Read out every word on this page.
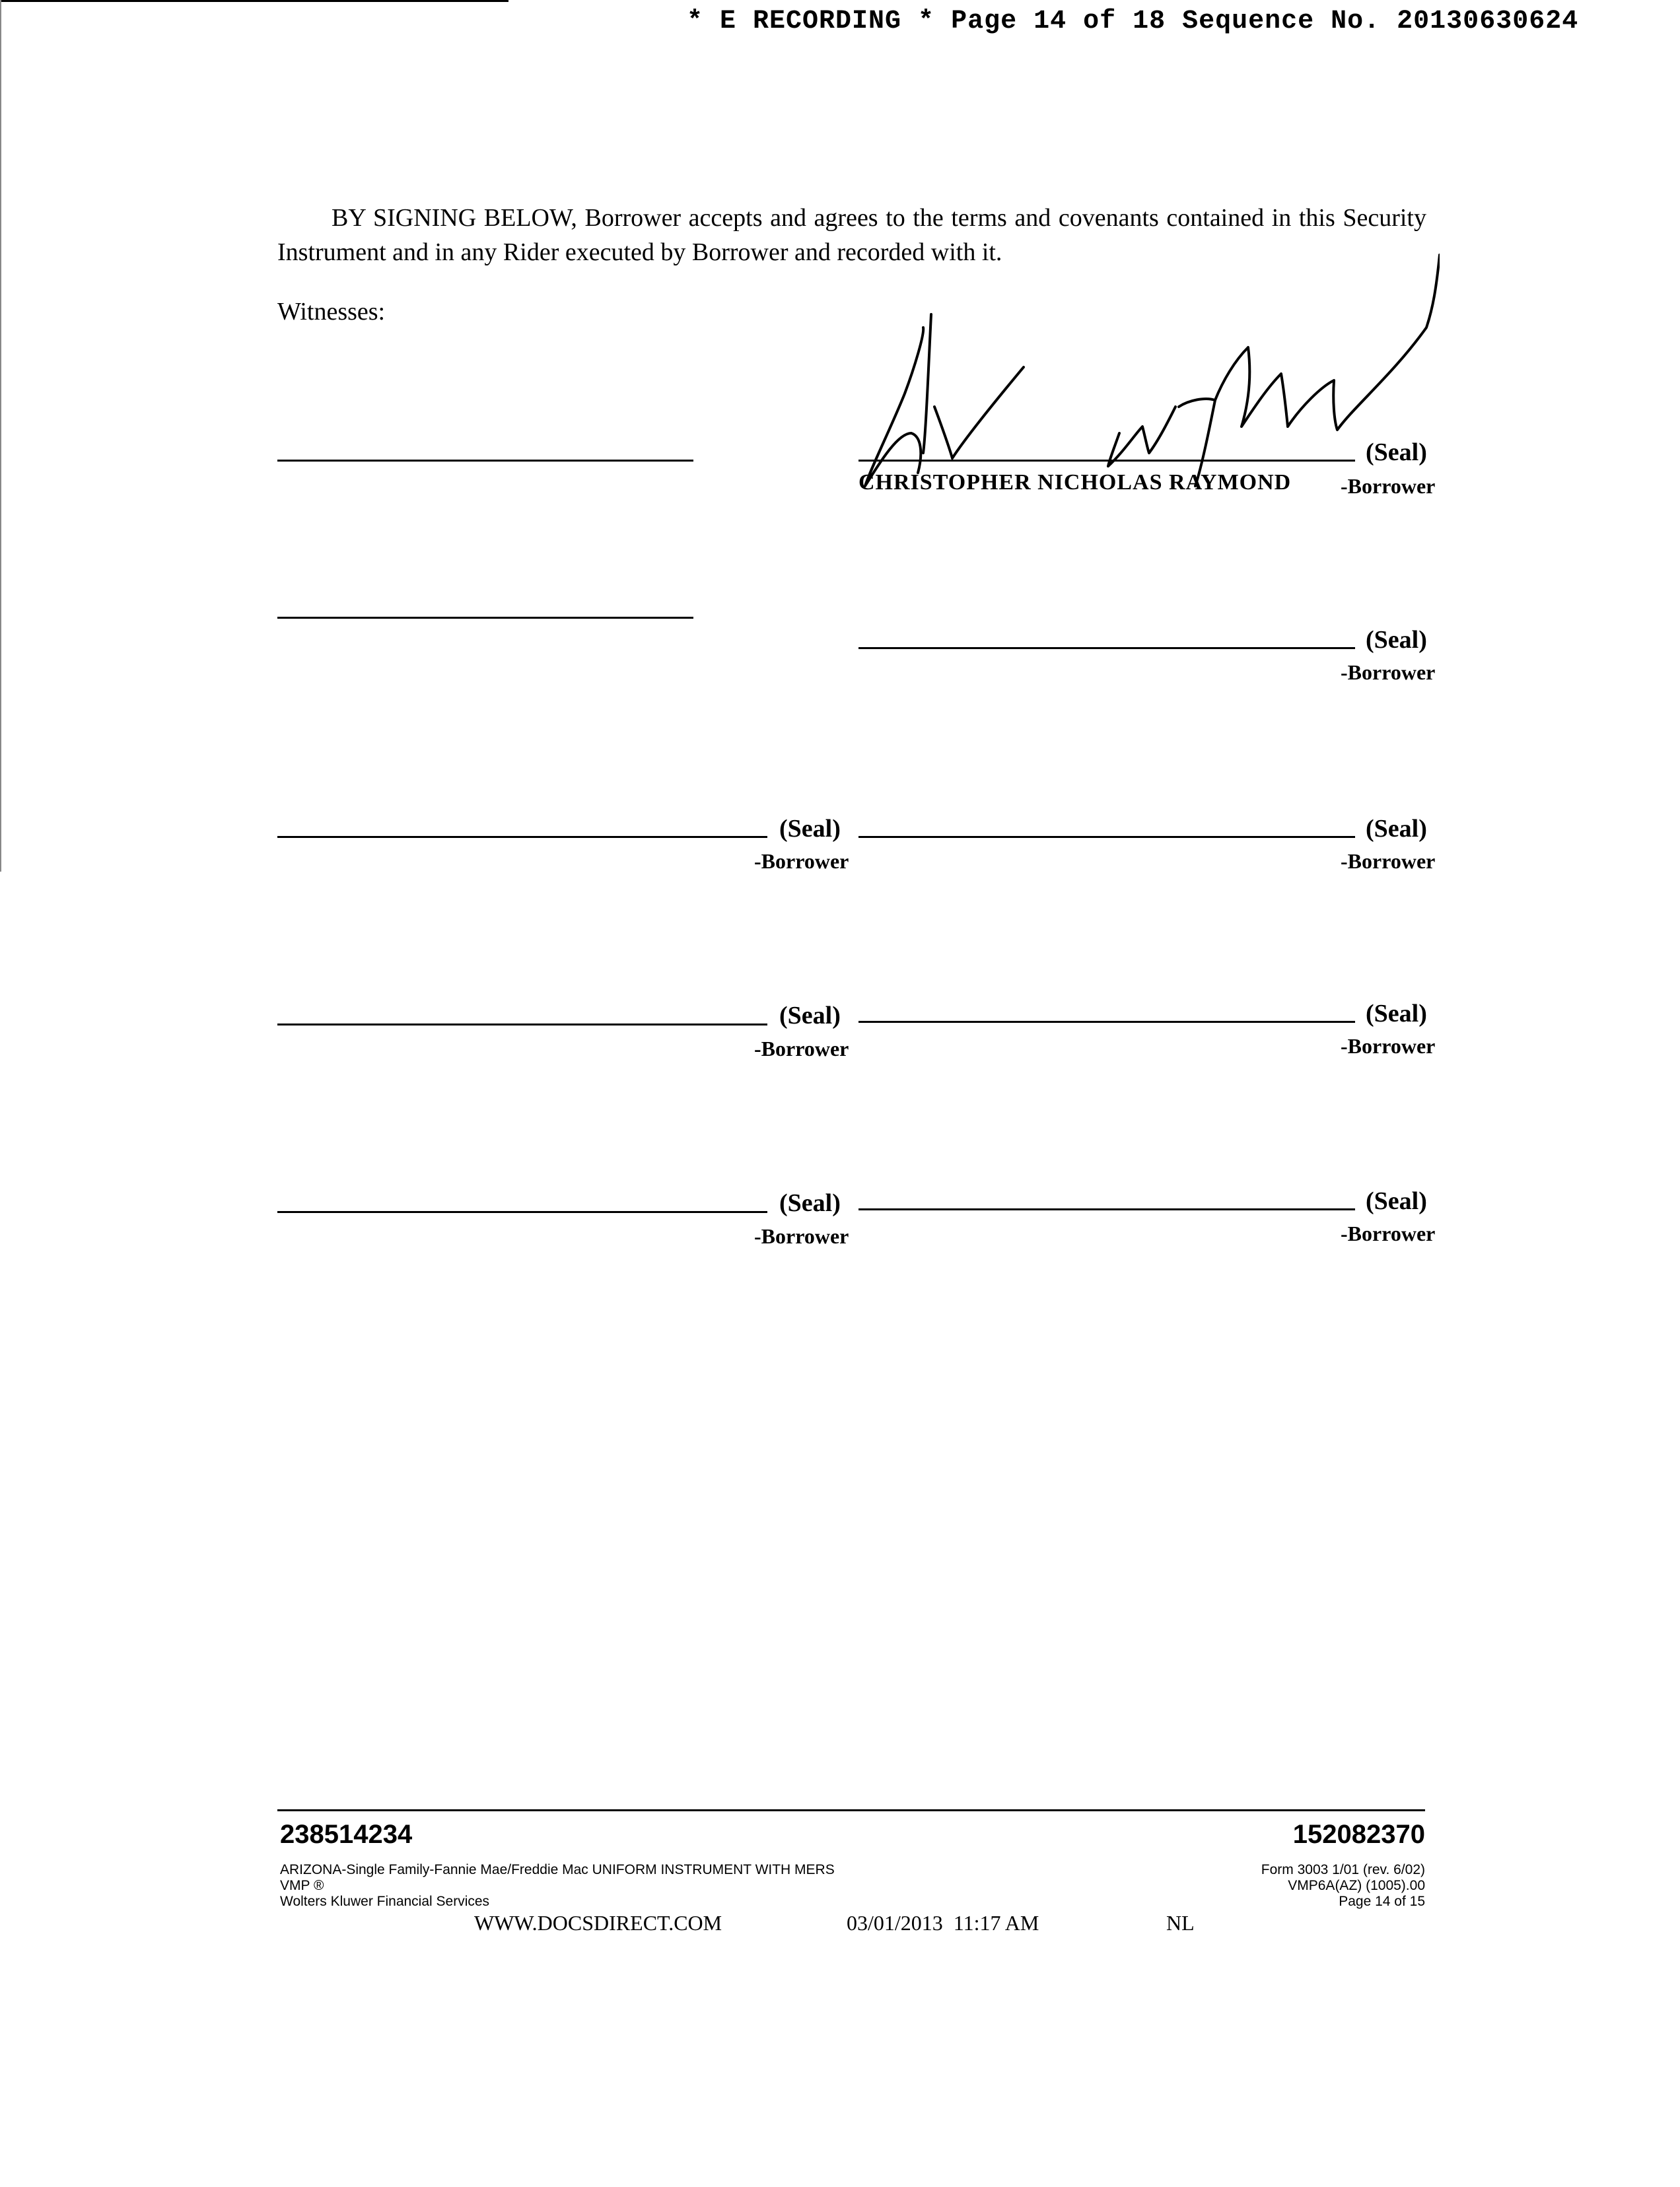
* E RECORDING * Page 14 of 18 Sequence No. 20130630624
BY SIGNING BELOW, Borrower accepts and agrees to the terms and covenants contained in this Security Instrument and in any Rider executed by Borrower and recorded with it.
Witnesses:
(Seal)
CHRISTOPHER NICHOLAS RAYMOND -Borrower
(Seal)
-Borrower
(Seal)
-Borrower
(Seal)
-Borrower
(Seal)
-Borrower
(Seal)
-Borrower
(Seal)
-Borrower
(Seal)
-Borrower
238514234	152082370
ARIZONA-Single Family-Fannie Mae/Freddie Mac UNIFORM INSTRUMENT WITH MERS
VMP ®
Wolters Kluwer Financial Services
Form 3003 1/01 (rev. 6/02)
VMP6A(AZ) (1005).00
Page 14 of 15
WWW.DOCSDIRECT.COM	03/01/2013  11:17 AM	NL
